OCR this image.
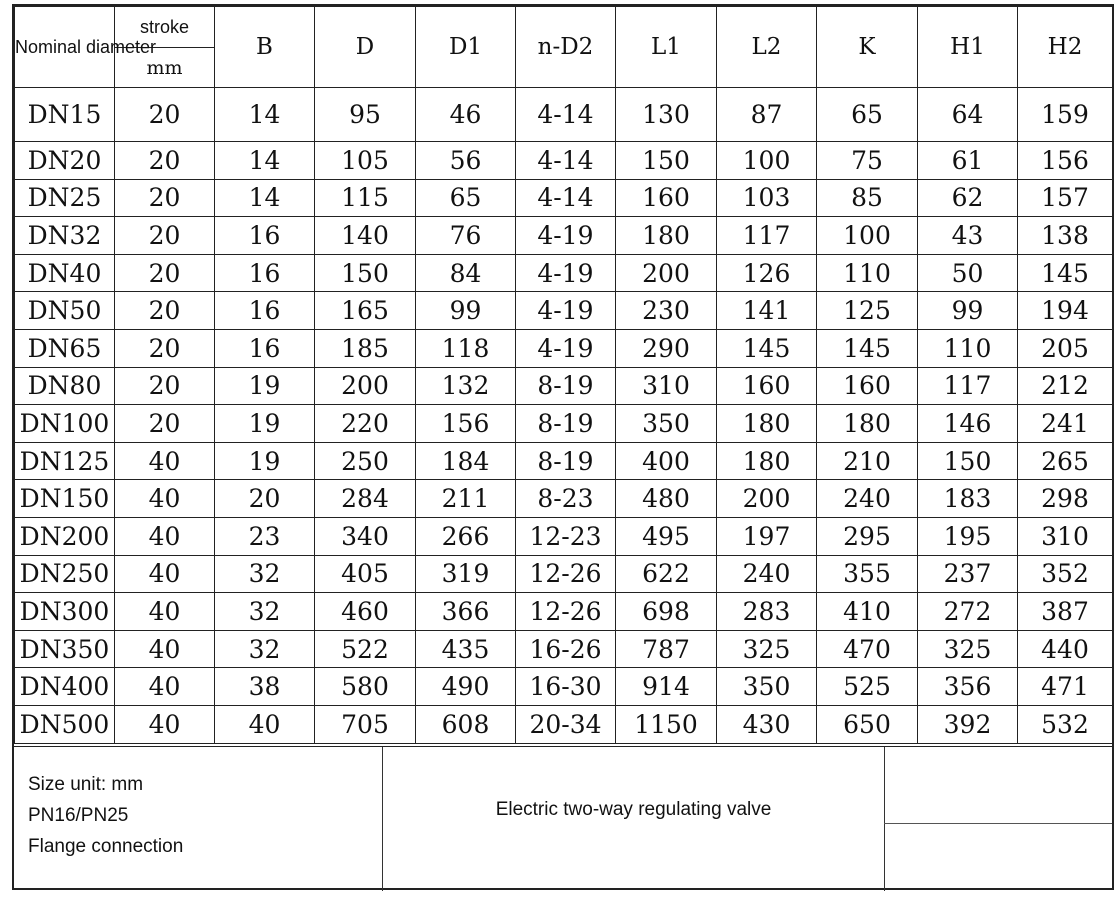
Nominal diameter	stroke	B	D	D1	n-D2	L1	L2	K	H1	H2
	mm									
DN15	20	14	95	46	4-14	130	87	65	64	159
DN20	20	14	105	56	4-14	150	100	75	61	156
DN25	20	14	115	65	4-14	160	103	85	62	157
DN32	20	16	140	76	4-19	180	117	100	43	138
DN40	20	16	150	84	4-19	200	126	110	50	145
DN50	20	16	165	99	4-19	230	141	125	99	194
DN65	20	16	185	118	4-19	290	145	145	110	205
DN80	20	19	200	132	8-19	310	160	160	117	212
DN100	20	19	220	156	8-19	350	180	180	146	241
DN125	40	19	250	184	8-19	400	180	210	150	265
DN150	40	20	284	211	8-23	480	200	240	183	298
DN200	40	23	340	266	12-23	495	197	295	195	310
DN250	40	32	405	319	12-26	622	240	355	237	352
DN300	40	32	460	366	12-26	698	283	410	272	387
DN350	40	32	522	435	16-26	787	325	470	325	440
DN400	40	38	580	490	16-30	914	350	525	356	471
DN500	40	40	705	608	20-34	1150	430	650	392	532
Size unit: mm
PN16/PN25
Flange connection
Electric two-way regulating valve
